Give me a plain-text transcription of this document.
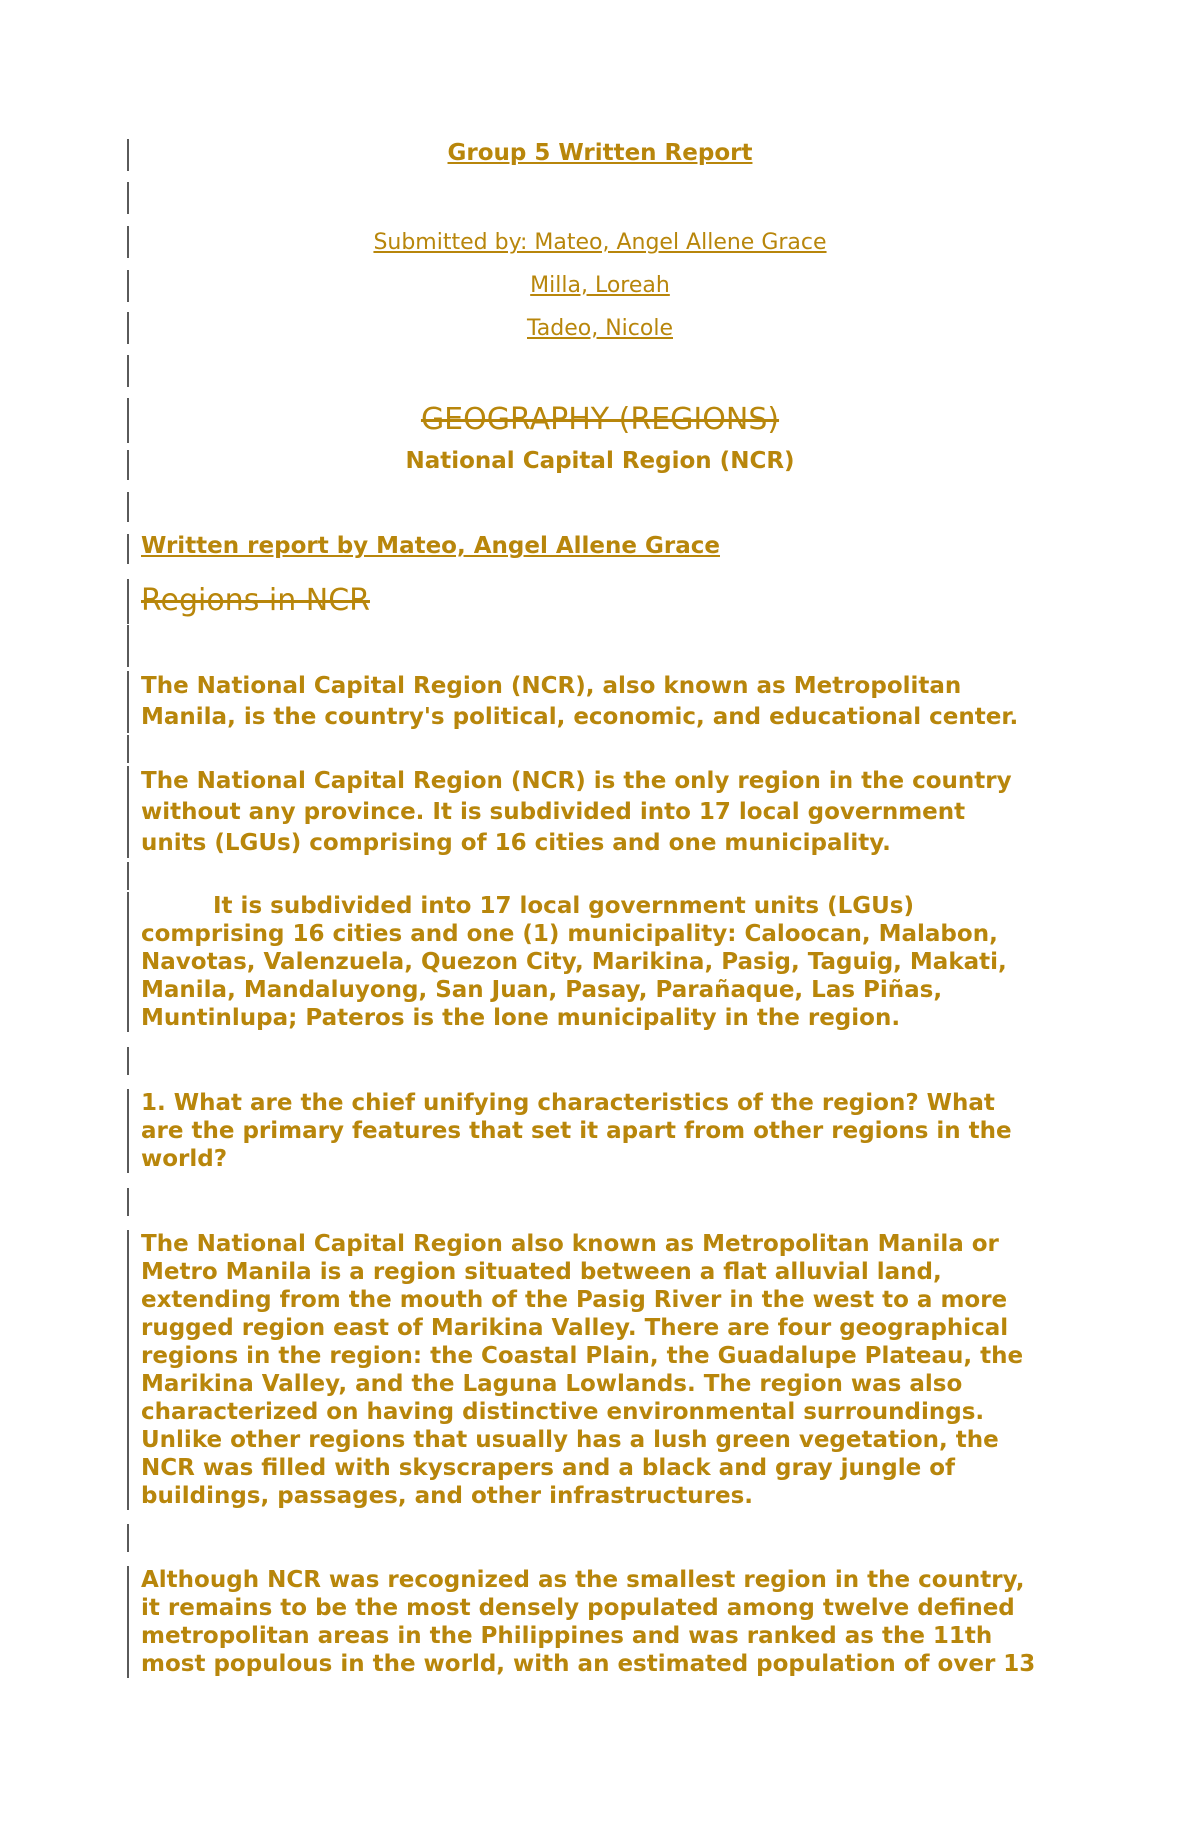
Group 5 Written Report
Submitted by: Mateo, Angel Allene Grace
Milla, Loreah
Tadeo, Nicole
GEOGRAPHY (REGIONS)
National Capital Region (NCR)
Written report by Mateo, Angel Allene Grace
Regions in NCR
The National Capital Region (NCR), also known as Metropolitan
Manila, is the country's political, economic, and educational center.
The National Capital Region (NCR) is the only region in the country
without any province. It is subdivided into 17 local government
units (LGUs) comprising of 16 cities and one municipality.
It is subdivided into 17 local government units (LGUs)
comprising 16 cities and one (1) municipality: Caloocan, Malabon,
Navotas, Valenzuela, Quezon City, Marikina, Pasig, Taguig, Makati,
Manila, Mandaluyong, San Juan, Pasay, Parañaque, Las Piñas,
Muntinlupa; Pateros is the lone municipality in the region.
1. What are the chief unifying characteristics of the region? What
are the primary features that set it apart from other regions in the
world?
The National Capital Region also known as Metropolitan Manila or
Metro Manila is a region situated between a flat alluvial land,
extending from the mouth of the Pasig River in the west to a more
rugged region east of Marikina Valley. There are four geographical
regions in the region: the Coastal Plain, the Guadalupe Plateau, the
Marikina Valley, and the Laguna Lowlands. The region was also
characterized on having distinctive environmental surroundings.
Unlike other regions that usually has a lush green vegetation, the
NCR was filled with skyscrapers and a black and gray jungle of
buildings, passages, and other infrastructures.
Although NCR was recognized as the smallest region in the country,
it remains to be the most densely populated among twelve defined
metropolitan areas in the Philippines and was ranked as the 11th
most populous in the world, with an estimated population of over 13
